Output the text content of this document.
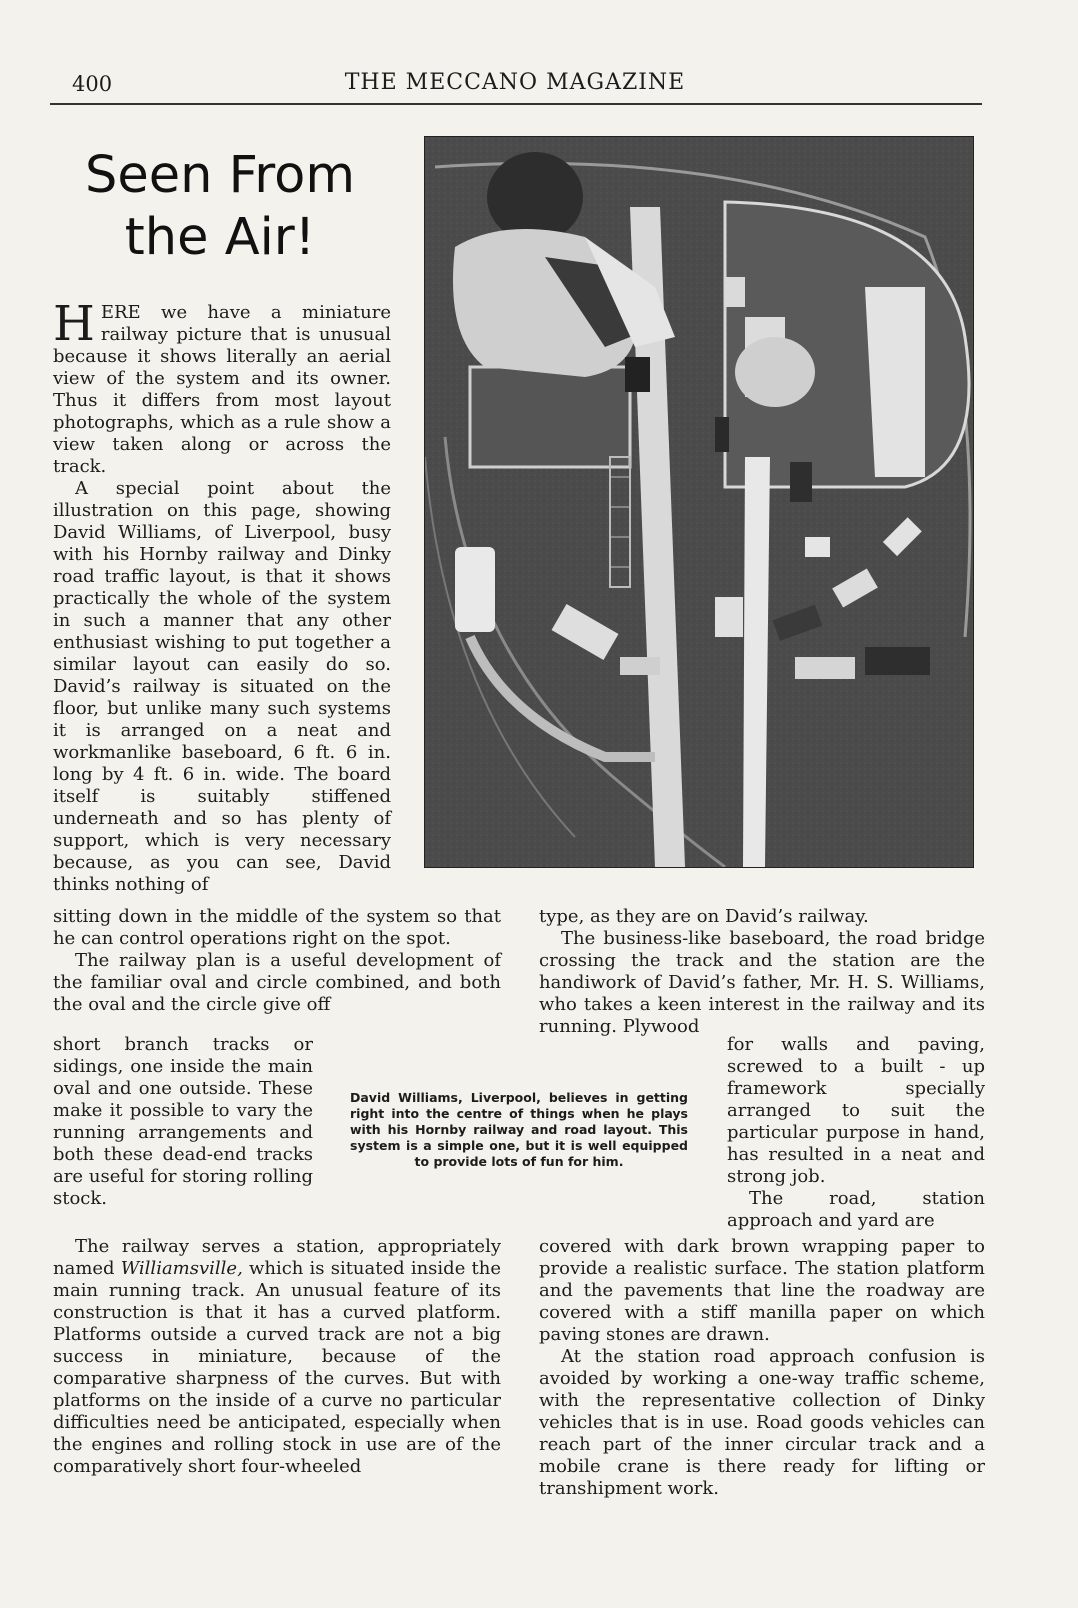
400	THE MECCANO MAGAZINE
Seen From
the Air!

HERE we have a miniature railway picture that is unusual because it shows literally an aerial view of the system and its owner. Thus it differs from most layout photographs, which as a rule show a view taken along or across the track.

A special point about the illustration on this page, showing David Williams, of Liverpool, busy with his Hornby railway and Dinky road traffic layout, is that it shows practically the whole of the system in such a manner that any other enthusiast wishing to put together a similar layout can easily do so. David’s railway is situated on the floor, but unlike many such systems it is arranged on a neat and workmanlike baseboard, 6 ft. 6 in. long by 4 ft. 6 in. wide. The board itself is suitably stiffened underneath and so has plenty of support, which is very necessary because, as you can see, David thinks nothing of

sitting down in the middle of the system so that he can control operations right on the spot.

The railway plan is a useful development of the familiar oval and circle combined, and both the oval and the circle give off

short branch tracks or sidings, one inside the main oval and one outside. These make it possible to vary the running arrangements and both these dead-end tracks are useful for storing rolling stock.

David Williams, Liverpool, believes in getting right into the centre of things when he plays with his Hornby railway and road layout. This system is a simple one, but it is well equipped to provide lots of fun for him.

The railway serves a station, appropriately named Williamsville, which is situated inside the main running track. An unusual feature of its construction is that it has a curved platform. Platforms outside a curved track are not a big success in miniature, because of the comparative sharpness of the curves. But with platforms on the inside of a curve no particular difficulties need be anticipated, especially when the engines and rolling stock in use are of the comparatively short four-wheeled

type, as they are on David’s railway.

The business-like baseboard, the road bridge crossing the track and the station are the handiwork of David’s father, Mr. H. S. Williams, who takes a keen interest in the railway and its running. Plywood

for walls and paving, screwed to a built - up framework specially arranged to suit the particular purpose in hand, has resulted in a neat and strong job.

The road, station approach and yard are

covered with dark brown wrapping paper to provide a realistic surface. The station platform and the pavements that line the roadway are covered with a stiff manilla paper on which paving stones are drawn.

At the station road approach confusion is avoided by working a one-way traffic scheme, with the representative collection of Dinky vehicles that is in use. Road goods vehicles can reach part of the inner circular track and a mobile crane is there ready for lifting or transhipment work.
